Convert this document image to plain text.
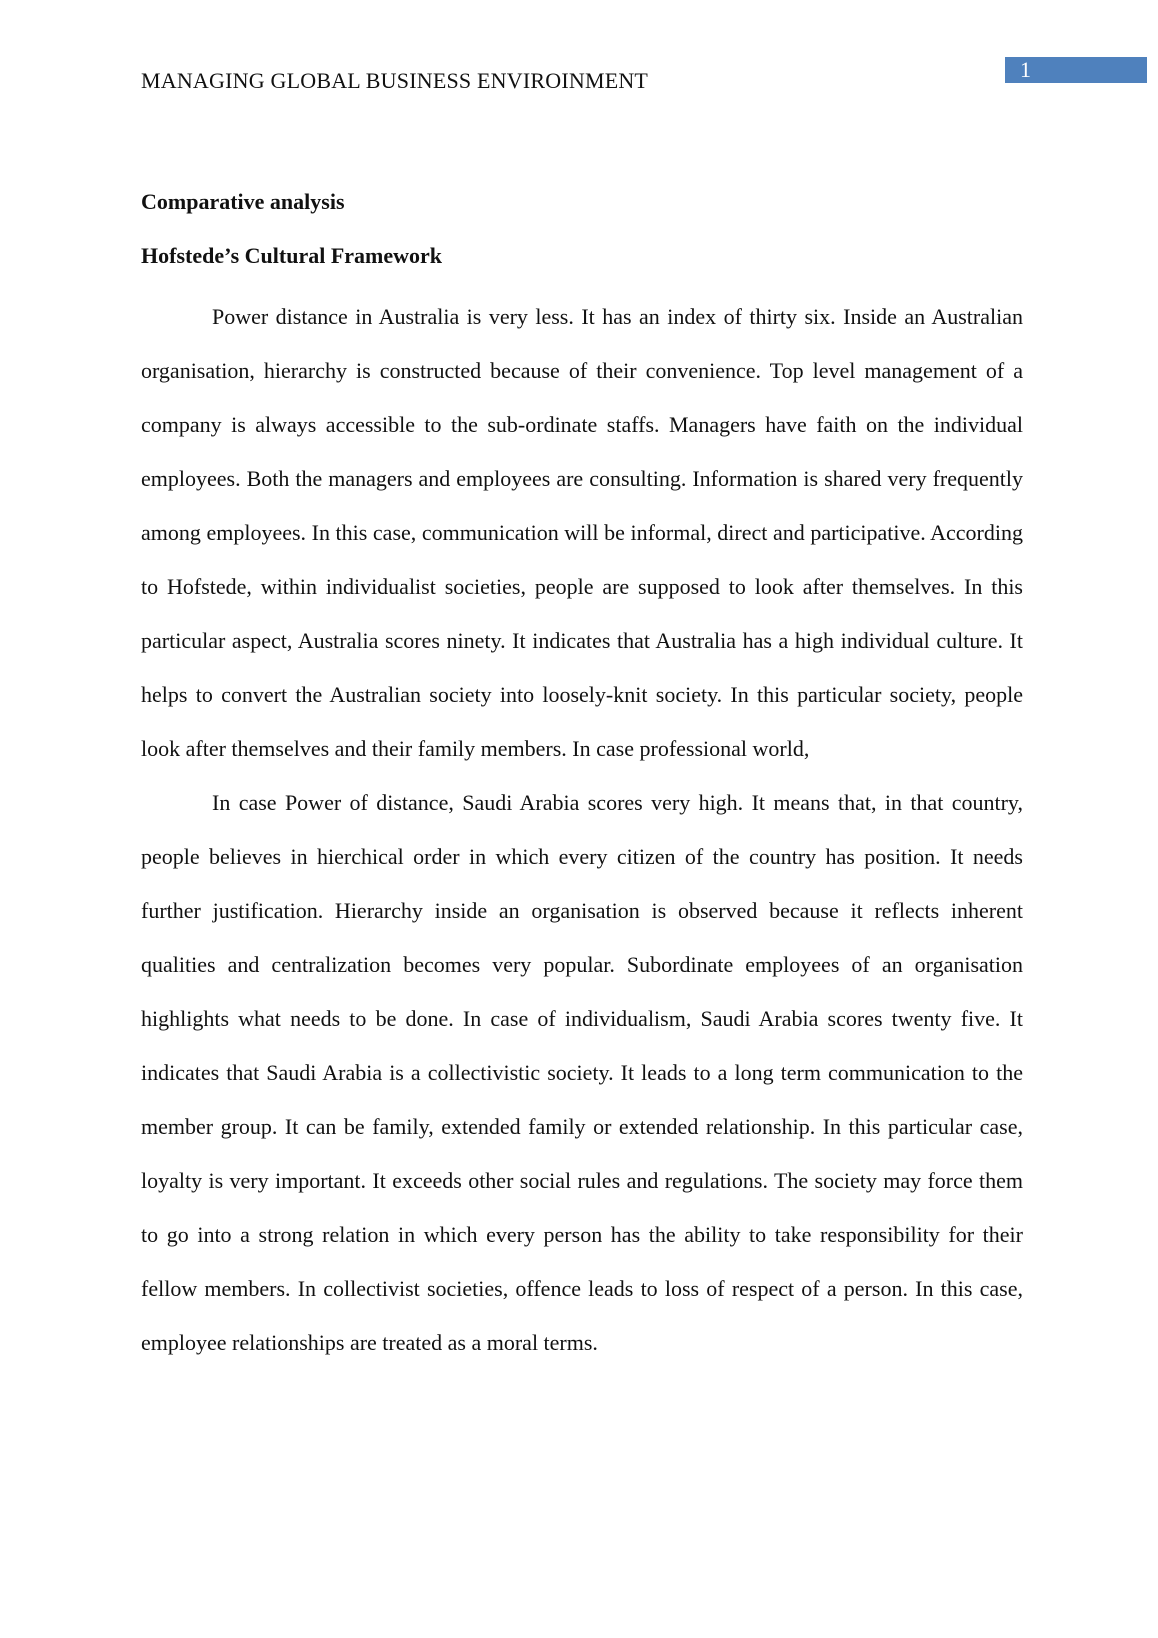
MANAGING GLOBAL BUSINESS ENVIROINMENT	1
Comparative analysis
Hofstede’s Cultural Framework

Power distance in Australia is very less. It has an index of thirty six. Inside an Australian organisation, hierarchy is constructed because of their convenience. Top level management of a company is always accessible to the sub-ordinate staffs. Managers have faith on the individual employees. Both the managers and employees are consulting. Information is shared very frequently among employees. In this case, communication will be informal, direct and participative. According to Hofstede, within individualist societies, people are supposed to look after themselves. In this particular aspect, Australia scores ninety. It indicates that Australia has a high individual culture. It helps to convert the Australian society into loosely-knit society. In this particular society, people look after themselves and their family members. In case professional world,

In case Power of distance, Saudi Arabia scores very high. It means that, in that country, people believes in hierchical order in which every citizen of the country has position. It needs further justification. Hierarchy inside an organisation is observed because it reflects inherent qualities and centralization becomes very popular. Subordinate employees of an organisation highlights what needs to be done. In case of individualism, Saudi Arabia scores twenty five. It indicates that Saudi Arabia is a collectivistic society. It leads to a long term communication to the member group. It can be family, extended family or extended relationship. In this particular case, loyalty is very important. It exceeds other social rules and regulations. The society may force them to go into a strong relation in which every person has the ability to take responsibility for their fellow members. In collectivist societies, offence leads to loss of respect of a person. In this case, employee relationships are treated as a moral terms.
